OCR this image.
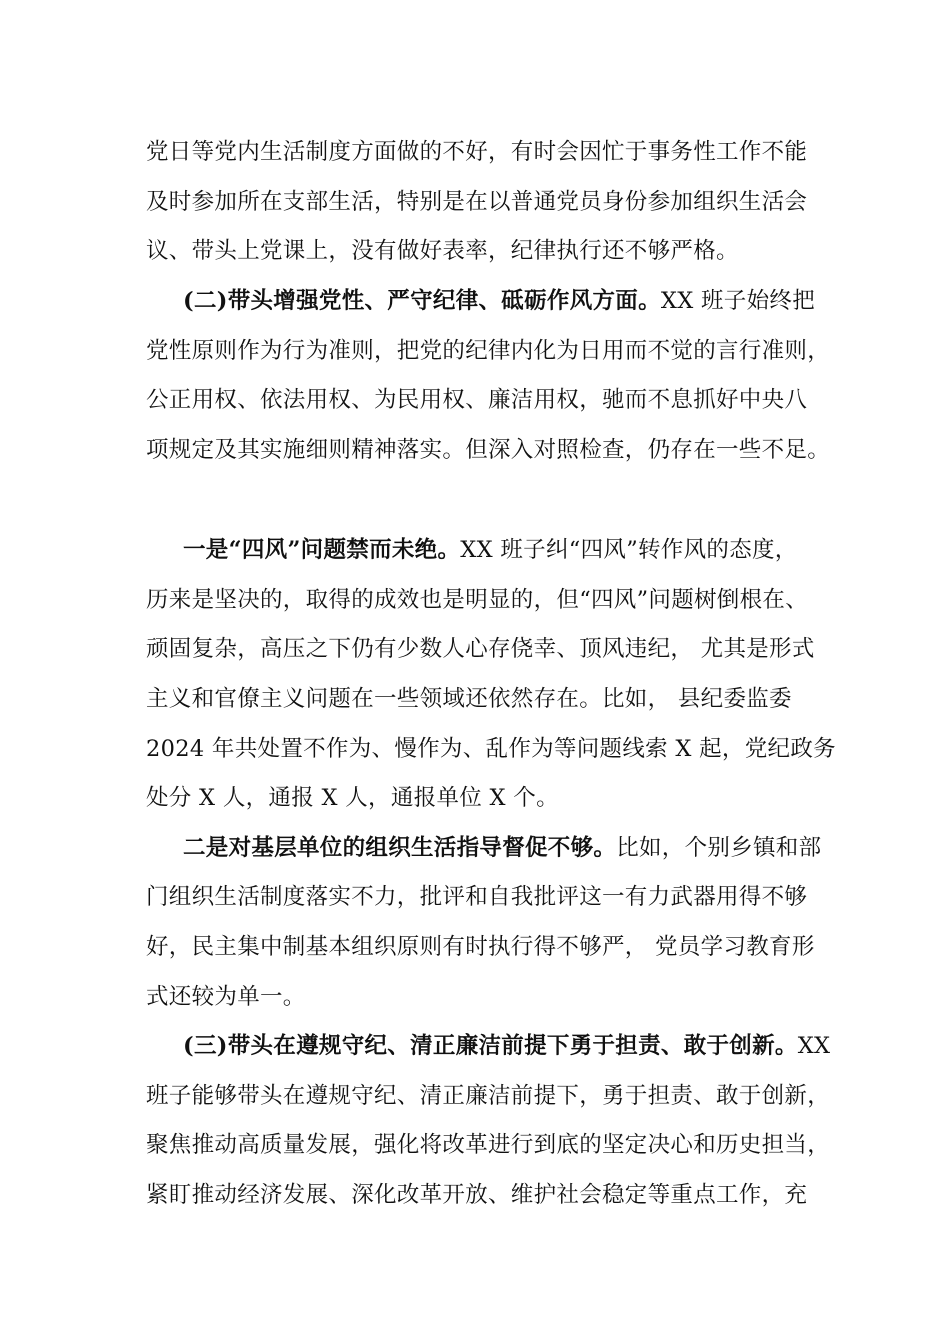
党日等党内生活制度方面做的不好，有时会因忙于事务性工作不能
及时参加所在支部生活，特别是在以普通党员身份参加组织生活会
议、带头上党课上，没有做好表率，纪律执行还不够严格。
(二)带头增强党性、严守纪律、砥砺作风方面。XX 班子始终把
党性原则作为行为准则，把党的纪律内化为日用而不觉的言行准则，
公正用权、依法用权、为民用权、廉洁用权，驰而不息抓好中央八
项规定及其实施细则精神落实。但深入对照检查，仍存在一些不足。
一是“四风”问题禁而未绝。XX 班子纠“四风”转作风的态度，
历来是坚决的，取得的成效也是明显的，但“四风”问题树倒根在、
顽固复杂，高压之下仍有少数人心存侥幸、顶风违纪， 尤其是形式
主义和官僚主义问题在一些领域还依然存在。比如， 县纪委监委
2024 年共处置不作为、慢作为、乱作为等问题线索 X 起，党纪政务
处分 X 人，通报 X 人，通报单位 X 个。
二是对基层单位的组织生活指导督促不够。比如，个别乡镇和部
门组织生活制度落实不力，批评和自我批评这一有力武器用得不够
好，民主集中制基本组织原则有时执行得不够严， 党员学习教育形
式还较为单一。
(三)带头在遵规守纪、清正廉洁前提下勇于担责、敢于创新。XX
班子能够带头在遵规守纪、清正廉洁前提下，勇于担责、敢于创新，
聚焦推动高质量发展，强化将改革进行到底的坚定决心和历史担当，
紧盯推动经济发展、深化改革开放、维护社会稳定等重点工作，充
